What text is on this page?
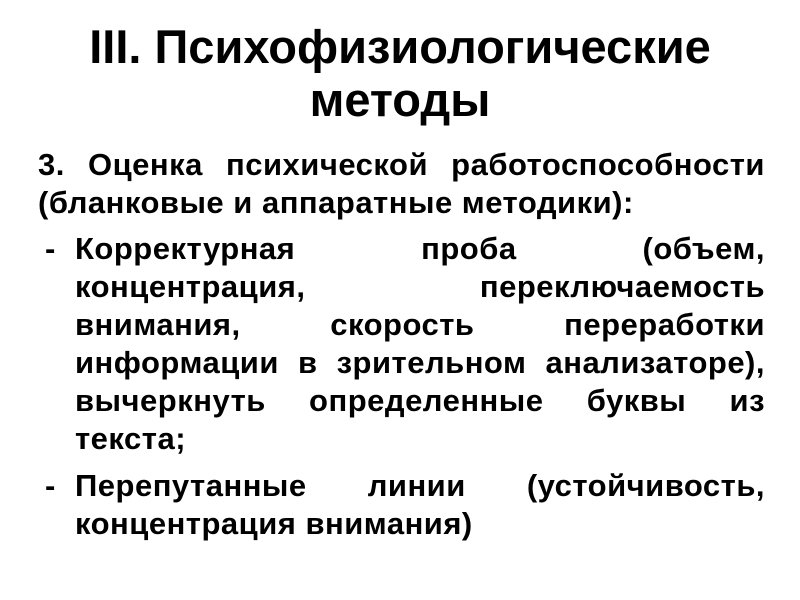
III. Психофизиологические методы

3. Оценка психической работоспособности (бланковые и аппаратные методики):

- Корректурная проба (объем, концентрация, переключаемость внимания, скорость переработки информации в зрительном анализаторе), вычеркнуть определенные буквы из текста;
- Перепутанные линии (устойчивость, концентрация внимания)
